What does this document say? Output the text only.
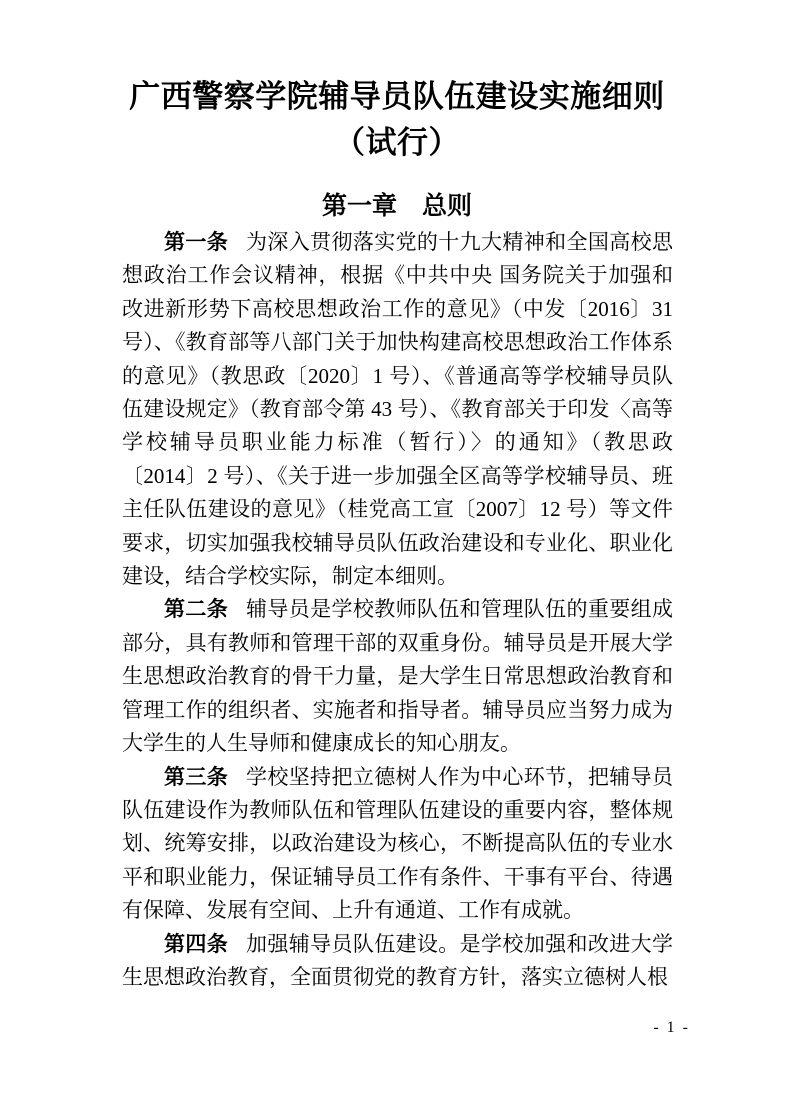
广西警察学院辅导员队伍建设实施细则
（试行）
第一章　总则

第一条 为深入贯彻落实党的十九大精神和全国高校思想政治工作会议精神，根据《中共中央 国务院关于加强和改进新形势下高校思想政治工作的意见》（中发〔2016〕31 号）、《教育部等八部门关于加快构建高校思想政治工作体系的意见》（教思政〔2020〕1 号）、《普通高等学校辅导员队伍建设规定》（教育部令第 43 号）、《教育部关于印发〈高等学校辅导员职业能力标准（暂行）〉的通知》（教思政〔2014〕2 号）、《关于进一步加强全区高等学校辅导员、班主任队伍建设的意见》（桂党高工宣〔2007〕12 号）等文件要求，切实加强我校辅导员队伍政治建设和专业化、职业化建设，结合学校实际，制定本细则。

第二条 辅导员是学校教师队伍和管理队伍的重要组成部分，具有教师和管理干部的双重身份。辅导员是开展大学生思想政治教育的骨干力量，是大学生日常思想政治教育和管理工作的组织者、实施者和指导者。辅导员应当努力成为大学生的人生导师和健康成长的知心朋友。

第三条 学校坚持把立德树人作为中心环节，把辅导员队伍建设作为教师队伍和管理队伍建设的重要内容，整体规划、统筹安排，以政治建设为核心，不断提高队伍的专业水平和职业能力，保证辅导员工作有条件、干事有平台、待遇有保障、发展有空间、上升有通道、工作有成就。

第四条 加强辅导员队伍建设。是学校加强和改进大学生思想政治教育，全面贯彻党的教育方针，落实立德树人根

- 1 -
